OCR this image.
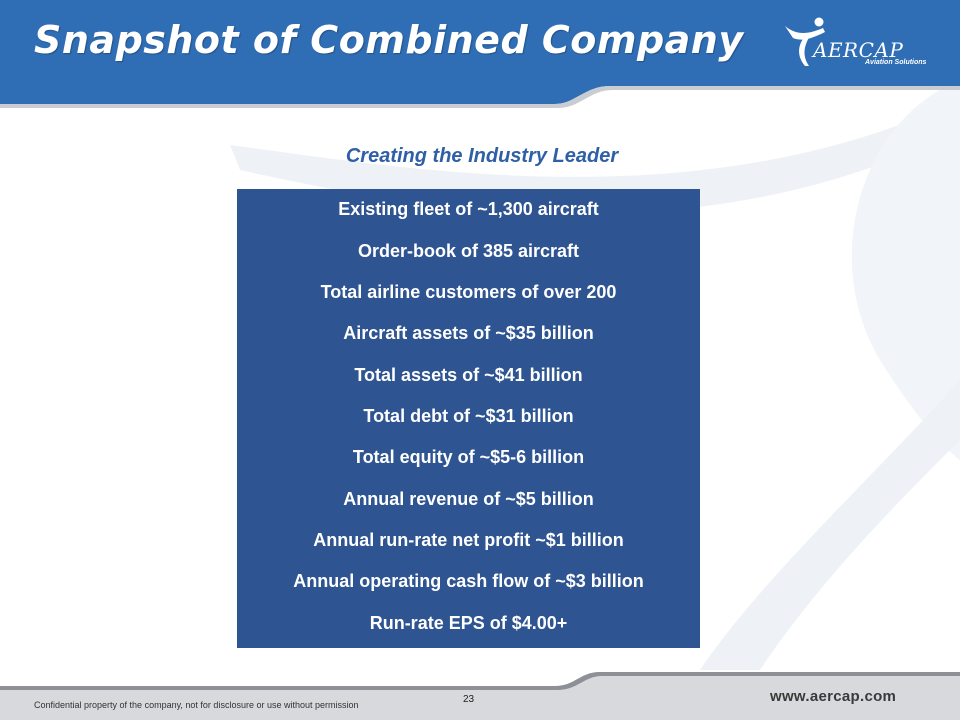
Snapshot of Combined Company	AERCAP
Aviation Solutions
Creating the Industry Leader
Existing fleet of ~1,300 aircraft
Order-book of 385 aircraft
Total airline customers of over 200
Aircraft assets of ~$35 billion
Total assets of ~$41 billion
Total debt of ~$31 billion
Total equity of ~$5-6 billion
Annual revenue of ~$5 billion
Annual run-rate net profit ~$1 billion
Annual operating cash flow of ~$3 billion
Run-rate EPS of $4.00+
Confidential property of the company, not for disclosure or use without permission	23	www.aercap.com
